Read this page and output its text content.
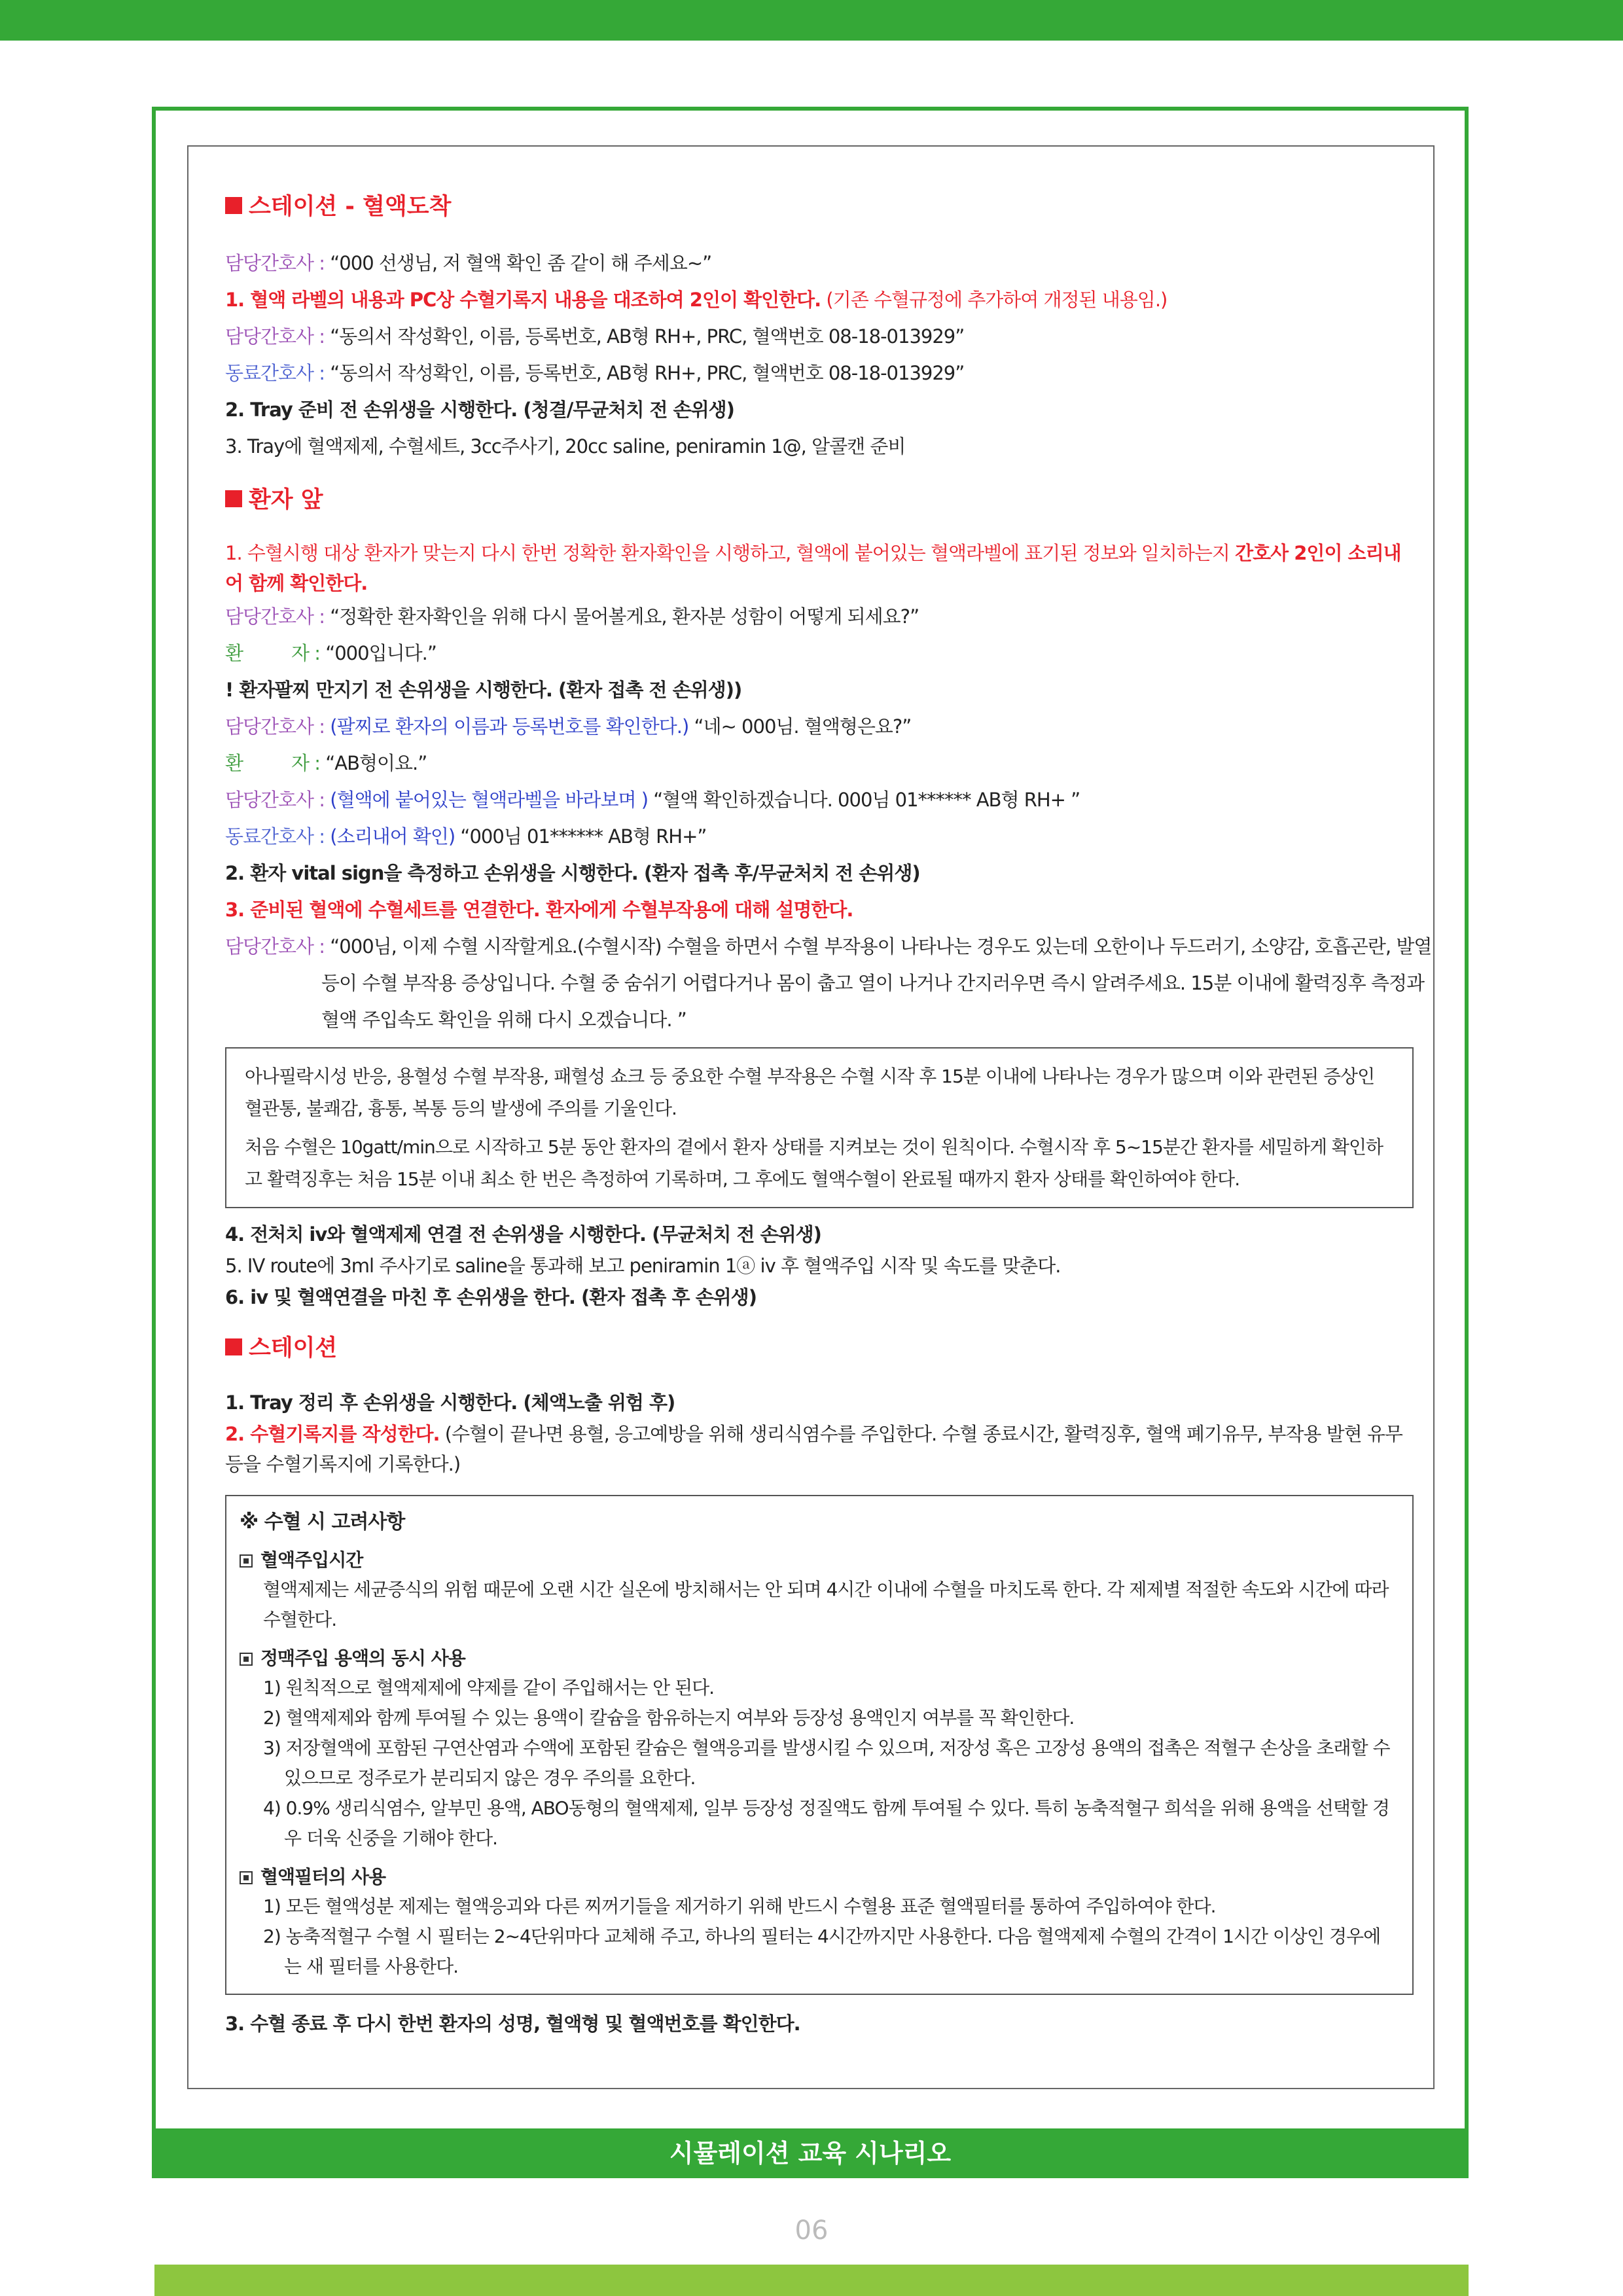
스테이션 - 혈액도착
담당간호사 : “000 선생님, 저 혈액 확인 좀 같이 해 주세요~”
1. 혈액 라벨의 내용과 PC상 수혈기록지 내용을 대조하여 2인이 확인한다. (기존 수혈규정에 추가하여 개정된 내용임.)
담당간호사 : “동의서 작성확인, 이름, 등록번호, AB형 RH+, PRC, 혈액번호 08-18-013929”
동료간호사 : “동의서 작성확인, 이름, 등록번호, AB형 RH+, PRC, 혈액번호 08-18-013929”
2. Tray 준비 전 손위생을 시행한다. (청결/무균처치 전 손위생)
3. Tray에 혈액제제, 수혈세트, 3cc주사기, 20cc saline, peniramin 1@, 알콜캔 준비
환자 앞
1. 수혈시행 대상 환자가 맞는지 다시 한번 정확한 환자확인을 시행하고, 혈액에 붙어있는 혈액라벨에 표기된 정보와 일치하는지 간호사 2인이 소리내어 함께 확인한다.
담당간호사 : “정확한 환자확인을 위해 다시 물어볼게요, 환자분 성함이 어떻게 되세요?”
환         자 : “000입니다.”
! 환자팔찌 만지기 전 손위생을 시행한다. (환자 접촉 전 손위생))
담당간호사 : (팔찌로 환자의 이름과 등록번호를 확인한다.) “네~ 000님. 혈액형은요?”
환         자 : “AB형이요.”
담당간호사 : (혈액에 붙어있는 혈액라벨을 바라보며 ) “혈액 확인하겠습니다. 000님 01****** AB형 RH+ ”
동료간호사 : (소리내어 확인) “000님 01****** AB형 RH+”
2. 환자 vital sign을 측정하고 손위생을 시행한다. (환자 접촉 후/무균처치 전 손위생)
3. 준비된 혈액에 수혈세트를 연결한다. 환자에게 수혈부작용에 대해 설명한다.
담당간호사 : “000님, 이제 수혈 시작할게요.(수혈시작) 수혈을 하면서 수혈 부작용이 나타나는 경우도 있는데 오한이나 두드러기, 소양감, 호흡곤란, 발열
등이 수혈 부작용 증상입니다. 수혈 중 숨쉬기 어렵다거나 몸이 춥고 열이 나거나 간지러우면 즉시 알려주세요. 15분 이내에 활력징후 측정과
혈액 주입속도 확인을 위해 다시 오겠습니다. ”

아나필락시성 반응, 용혈성 수혈 부작용, 패혈성 쇼크 등 중요한 수혈 부작용은 수혈 시작 후 15분 이내에 나타나는 경우가 많으며 이와 관련된 증상인 혈관통, 불쾌감, 흉통, 복통 등의 발생에 주의를 기울인다.

처음 수혈은 10gatt/min으로 시작하고 5분 동안 환자의 곁에서 환자 상태를 지켜보는 것이 원칙이다. 수혈시작 후 5~15분간 환자를 세밀하게 확인하고 활력징후는 처음 15분 이내 최소 한 번은 측정하여 기록하며, 그 후에도 혈액수혈이 완료될 때까지 환자 상태를 확인하여야 한다.

4. 전처치 iv와 혈액제제 연결 전 손위생을 시행한다. (무균처치 전 손위생)
5. IV route에 3ml 주사기로 saline을 통과해 보고 peniramin 1ⓐ iv 후 혈액주입 시작 및 속도를 맞춘다.
6. iv 및 혈액연결을 마친 후 손위생을 한다. (환자 접촉 후 손위생)
스테이션
1. Tray 정리 후 손위생을 시행한다. (체액노출 위험 후)
2. 수혈기록지를 작성한다. (수혈이 끝나면 용혈, 응고예방을 위해 생리식염수를 주입한다. 수혈 종료시간, 활력징후, 혈액 폐기유무, 부작용 발현 유무 등을 수혈기록지에 기록한다.)
※ 수혈 시 고려사항
혈액주입시간
혈액제제는 세균증식의 위험 때문에 오랜 시간 실온에 방치해서는 안 되며 4시간 이내에 수혈을 마치도록 한다. 각 제제별 적절한 속도와 시간에 따라 수혈한다.
정맥주입 용액의 동시 사용
1) 원칙적으로 혈액제제에 약제를 같이 주입해서는 안 된다.
2) 혈액제제와 함께 투여될 수 있는 용액이 칼슘을 함유하는지 여부와 등장성 용액인지 여부를 꼭 확인한다.
3) 저장혈액에 포함된 구연산염과 수액에 포함된 칼슘은 혈액응괴를 발생시킬 수 있으며, 저장성 혹은 고장성 용액의 접촉은 적혈구 손상을 초래할 수 있으므로 정주로가 분리되지 않은 경우 주의를 요한다.
4) 0.9% 생리식염수, 알부민 용액, ABO동형의 혈액제제, 일부 등장성 정질액도 함께 투여될 수 있다. 특히 농축적혈구 희석을 위해 용액을 선택할 경우 더욱 신중을 기해야 한다.
혈액필터의 사용
1) 모든 혈액성분 제제는 혈액응괴와 다른 찌꺼기들을 제거하기 위해 반드시 수혈용 표준 혈액필터를 통하여 주입하여야 한다.
2) 농축적혈구 수혈 시 필터는 2∼4단위마다 교체해 주고, 하나의 필터는 4시간까지만 사용한다. 다음 혈액제제 수혈의 간격이 1시간 이상인 경우에는 새 필터를 사용한다.
3. 수혈 종료 후 다시 한번 환자의 성명, 혈액형 및 혈액번호를 확인한다.
시뮬레이션 교육 시나리오
06
